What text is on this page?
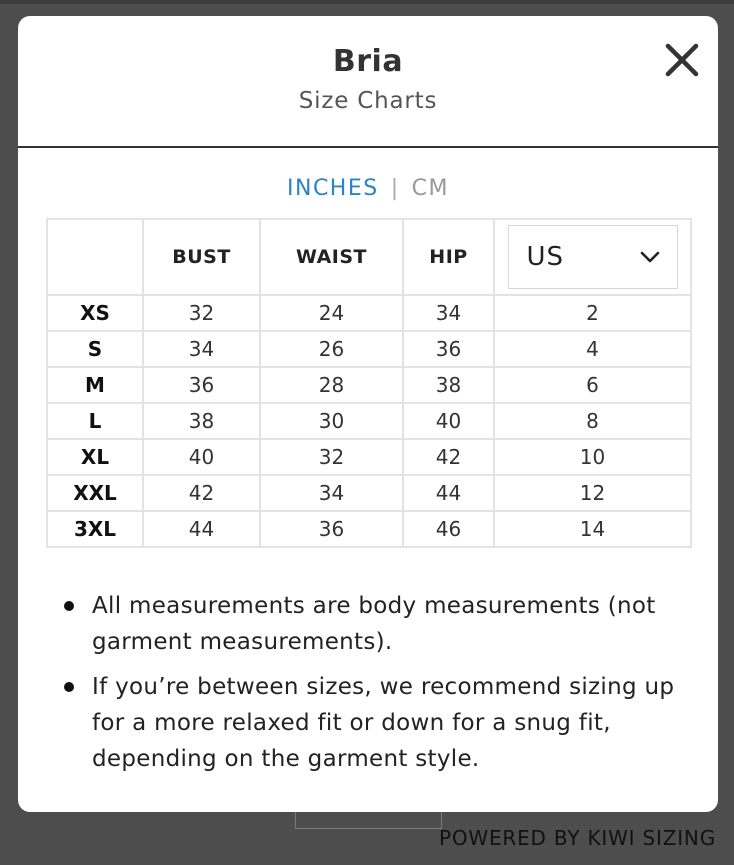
Bria
Size Charts
INCHES | CM
	BUST	WAIST	HIP	US

XS	32	24	34	2
S	34	26	36	4
M	36	28	38	6
L	38	30	40	8
XL	40	32	42	10
XXL	42	34	44	12
3XL	44	36	46	14
All measurements are body measurements (not garment measurements).
If you’re between sizes, we recommend sizing up for a more relaxed fit or down for a snug fit, depending on the garment style.
POWERED BY KIWI SIZING
